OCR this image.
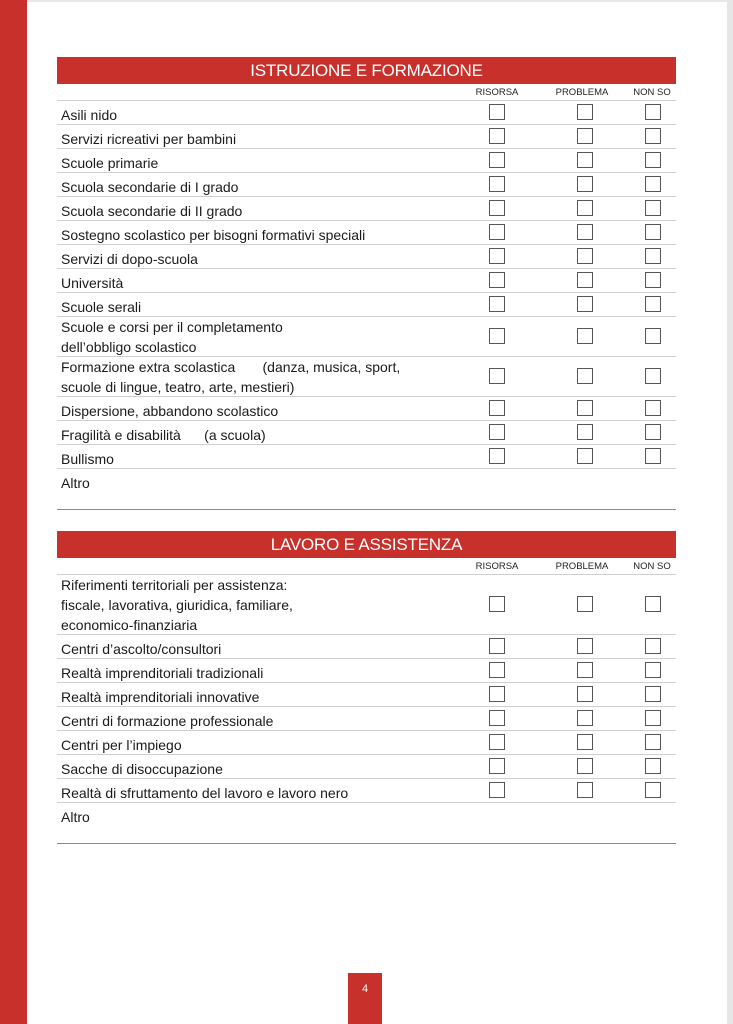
ISTRUZIONE E FORMAZIONE
RISORSA	PROBLEMA	NON SO
Asili nido
Servizi ricreativi per bambini
Scuole primarie
Scuola secondarie di I grado
Scuola secondarie di II grado
Sostegno scolastico per bisogni formativi speciali
Servizi di dopo-scuola
Università
Scuole serali
Scuole e corsi per il completamento
dell’obbligo scolastico
Formazione extra scolastica       (danza, musica, sport,
scuole di lingue, teatro, arte, mestieri)
Dispersione, abbandono scolastico
Fragilità e disabilità      (a scuola)
Bullismo
Altro
LAVORO E ASSISTENZA
RISORSA	PROBLEMA	NON SO
Riferimenti territoriali per assistenza:
fiscale, lavorativa, giuridica, familiare,
economico-finanziaria
Centri d’ascolto/consultori
Realtà imprenditoriali tradizionali
Realtà imprenditoriali innovative
Centri di formazione professionale
Centri per l’impiego
Sacche di disoccupazione
Realtà di sfruttamento del lavoro e lavoro nero
Altro
4
